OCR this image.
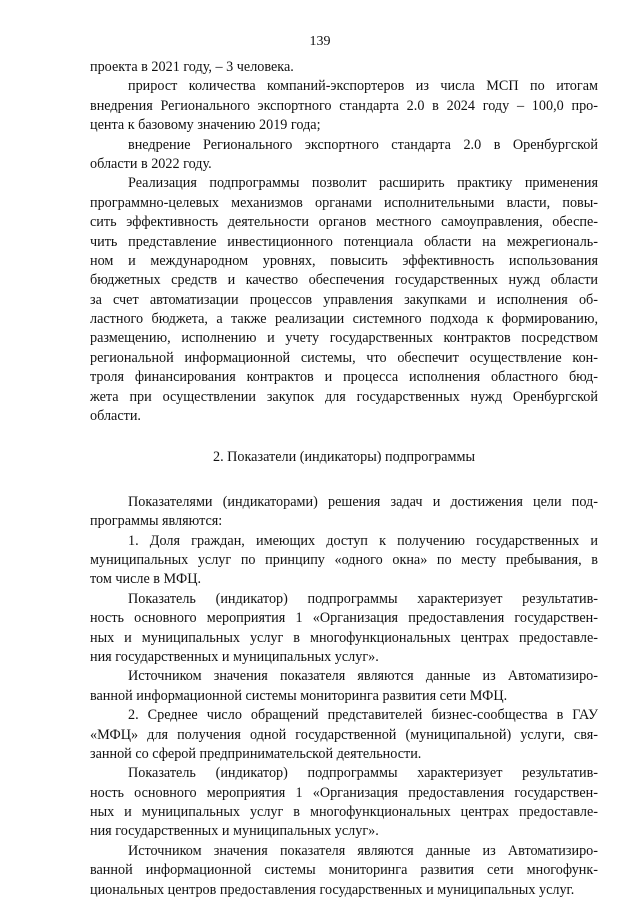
139
проекта в 2021 году, – 3 человека.
прирост количества компаний-экспортеров из числа МСП по итогам
внедрения Регионального экспортного стандарта 2.0 в 2024 году – 100,0 про-
цента к базовому значению 2019 года;
внедрение Регионального экспортного стандарта 2.0 в Оренбургской
области в 2022 году.
Реализация подпрограммы позволит расширить практику применения
программно-целевых механизмов органами исполнительными власти, повы-
сить эффективность деятельности органов местного самоуправления, обеспе-
чить представление инвестиционного потенциала области на межрегиональ-
ном и международном уровнях, повысить эффективность использования
бюджетных средств и качество обеспечения государственных нужд области
за счет автоматизации процессов управления закупками и исполнения об-
ластного бюджета, а также реализации системного подхода к формированию,
размещению, исполнению и учету государственных контрактов посредством
региональной информационной системы, что обеспечит осуществление кон-
троля финансирования контрактов и процесса исполнения областного бюд-
жета при осуществлении закупок для государственных нужд Оренбургской
области.
2. Показатели (индикаторы) подпрограммы
Показателями (индикаторами) решения задач и достижения цели под-
программы являются:
1. Доля граждан, имеющих доступ к получению государственных и
муниципальных услуг по принципу «одного окна» по месту пребывания, в
том числе в МФЦ.
Показатель (индикатор) подпрограммы характеризует результатив-
ность основного мероприятия 1 «Организация предоставления государствен-
ных и муниципальных услуг в многофункциональных центрах предоставле-
ния государственных и муниципальных услуг».
Источником значения показателя являются данные из Автоматизиро-
ванной информационной системы мониторинга развития сети МФЦ.
2. Среднее число обращений представителей бизнес-сообщества в ГАУ
«МФЦ» для получения одной государственной (муниципальной) услуги, свя-
занной со сферой предпринимательской деятельности.
Показатель (индикатор) подпрограммы характеризует результатив-
ность основного мероприятия 1 «Организация предоставления государствен-
ных и муниципальных услуг в многофункциональных центрах предоставле-
ния государственных и муниципальных услуг».
Источником значения показателя являются данные из Автоматизиро-
ванной информационной системы мониторинга развития сети многофунк-
циональных центров предоставления государственных и муниципальных услуг.
